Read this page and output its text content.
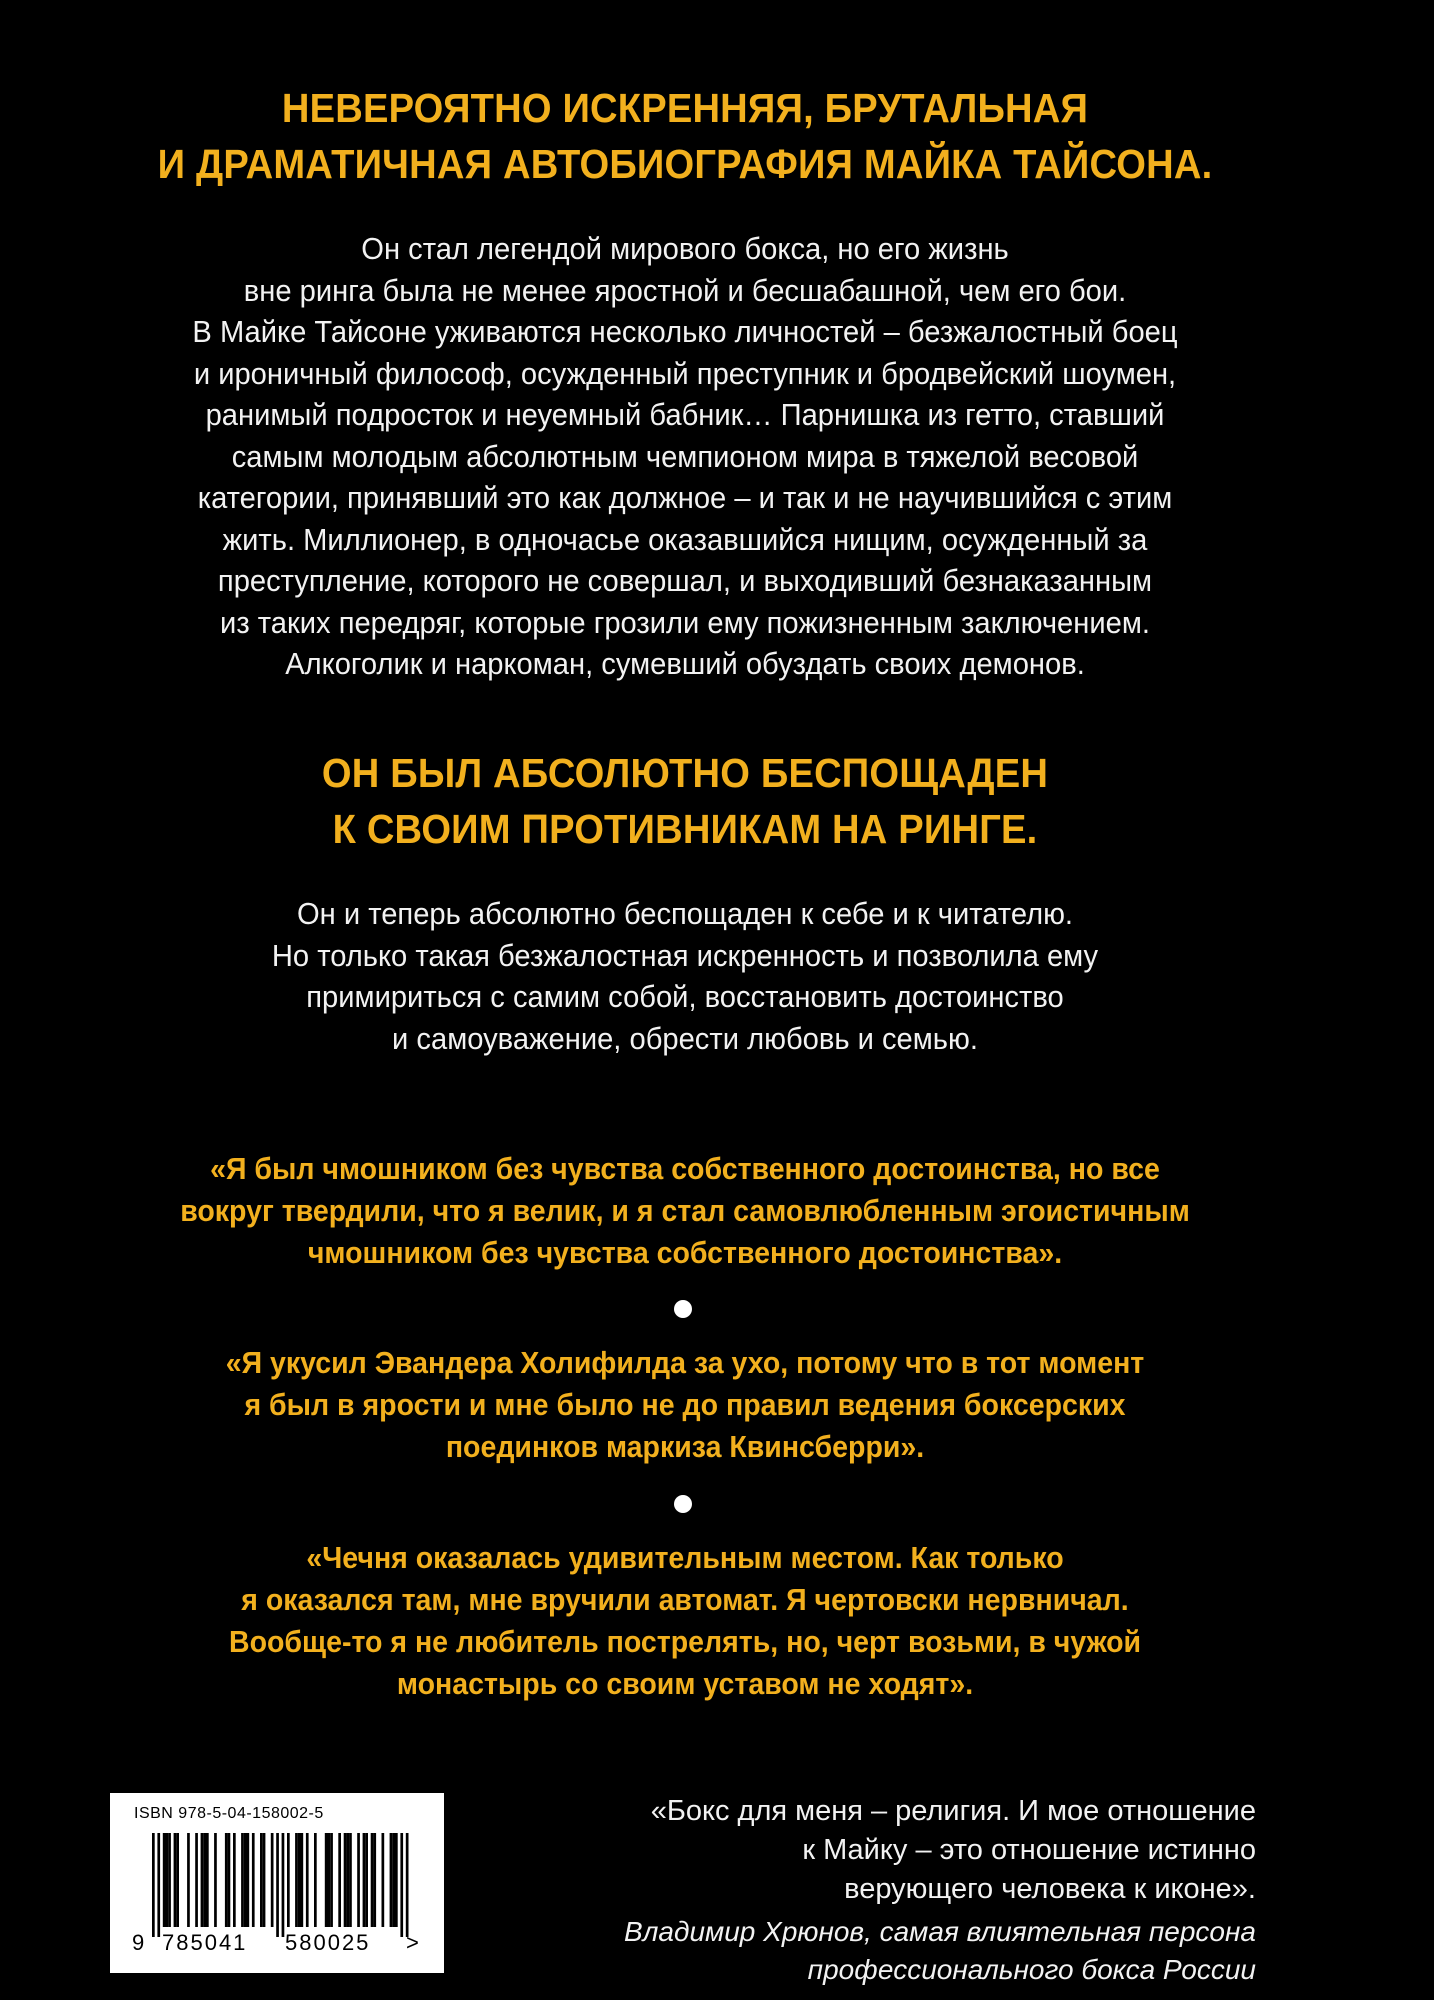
НЕВЕРОЯТНО ИСКРЕННЯЯ, БРУТАЛЬНАЯ
И ДРАМАТИЧНАЯ АВТОБИОГРАФИЯ МАЙКА ТАЙСОНА.
Он стал легендой мирового бокса, но его жизнь
вне ринга была не менее яростной и бесшабашной, чем его бои.
В Майке Тайсоне уживаются несколько личностей – безжалостный боец
и ироничный философ, осужденный преступник и бродвейский шоумен,
ранимый подросток и неуемный бабник… Парнишка из гетто, ставший
самым молодым абсолютным чемпионом мира в тяжелой весовой
категории, принявший это как должное – и так и не научившийся с этим
жить. Миллионер, в одночасье оказавшийся нищим, осужденный за
преступление, которого не совершал, и выходивший безнаказанным
из таких передряг, которые грозили ему пожизненным заключением.
Алкоголик и наркоман, сумевший обуздать своих демонов.
ОН БЫЛ АБСОЛЮТНО БЕСПОЩАДЕН
К СВОИМ ПРОТИВНИКАМ НА РИНГЕ.
Он и теперь абсолютно беспощаден к себе и к читателю.
Но только такая безжалостная искренность и позволила ему
примириться с самим собой, восстановить достоинство
и самоуважение, обрести любовь и семью.
«Я был чмошником без чувства собственного достоинства, но все
вокруг твердили, что я велик, и я стал самовлюбленным эгоистичным
чмошником без чувства собственного достоинства».
«Я укусил Эвандера Холифилда за ухо, потому что в тот момент
я был в ярости и мне было не до правил ведения боксерских
поединков маркиза Квинсберри».
«Чечня оказалась удивительным местом. Как только
я оказался там, мне вручили автомат. Я чертовски нервничал.
Вообще-то я не любитель пострелять, но, черт возьми, в чужой
монастырь со своим уставом не ходят».
ISBN 978-5-04-158002-5
9 785041 580025 >
«Бокс для меня – религия. И мое отношение
к Майку – это отношение истинно
верующего человека к иконе».
Владимир Хрюнов, самая влиятельная персона
профессионального бокса России
